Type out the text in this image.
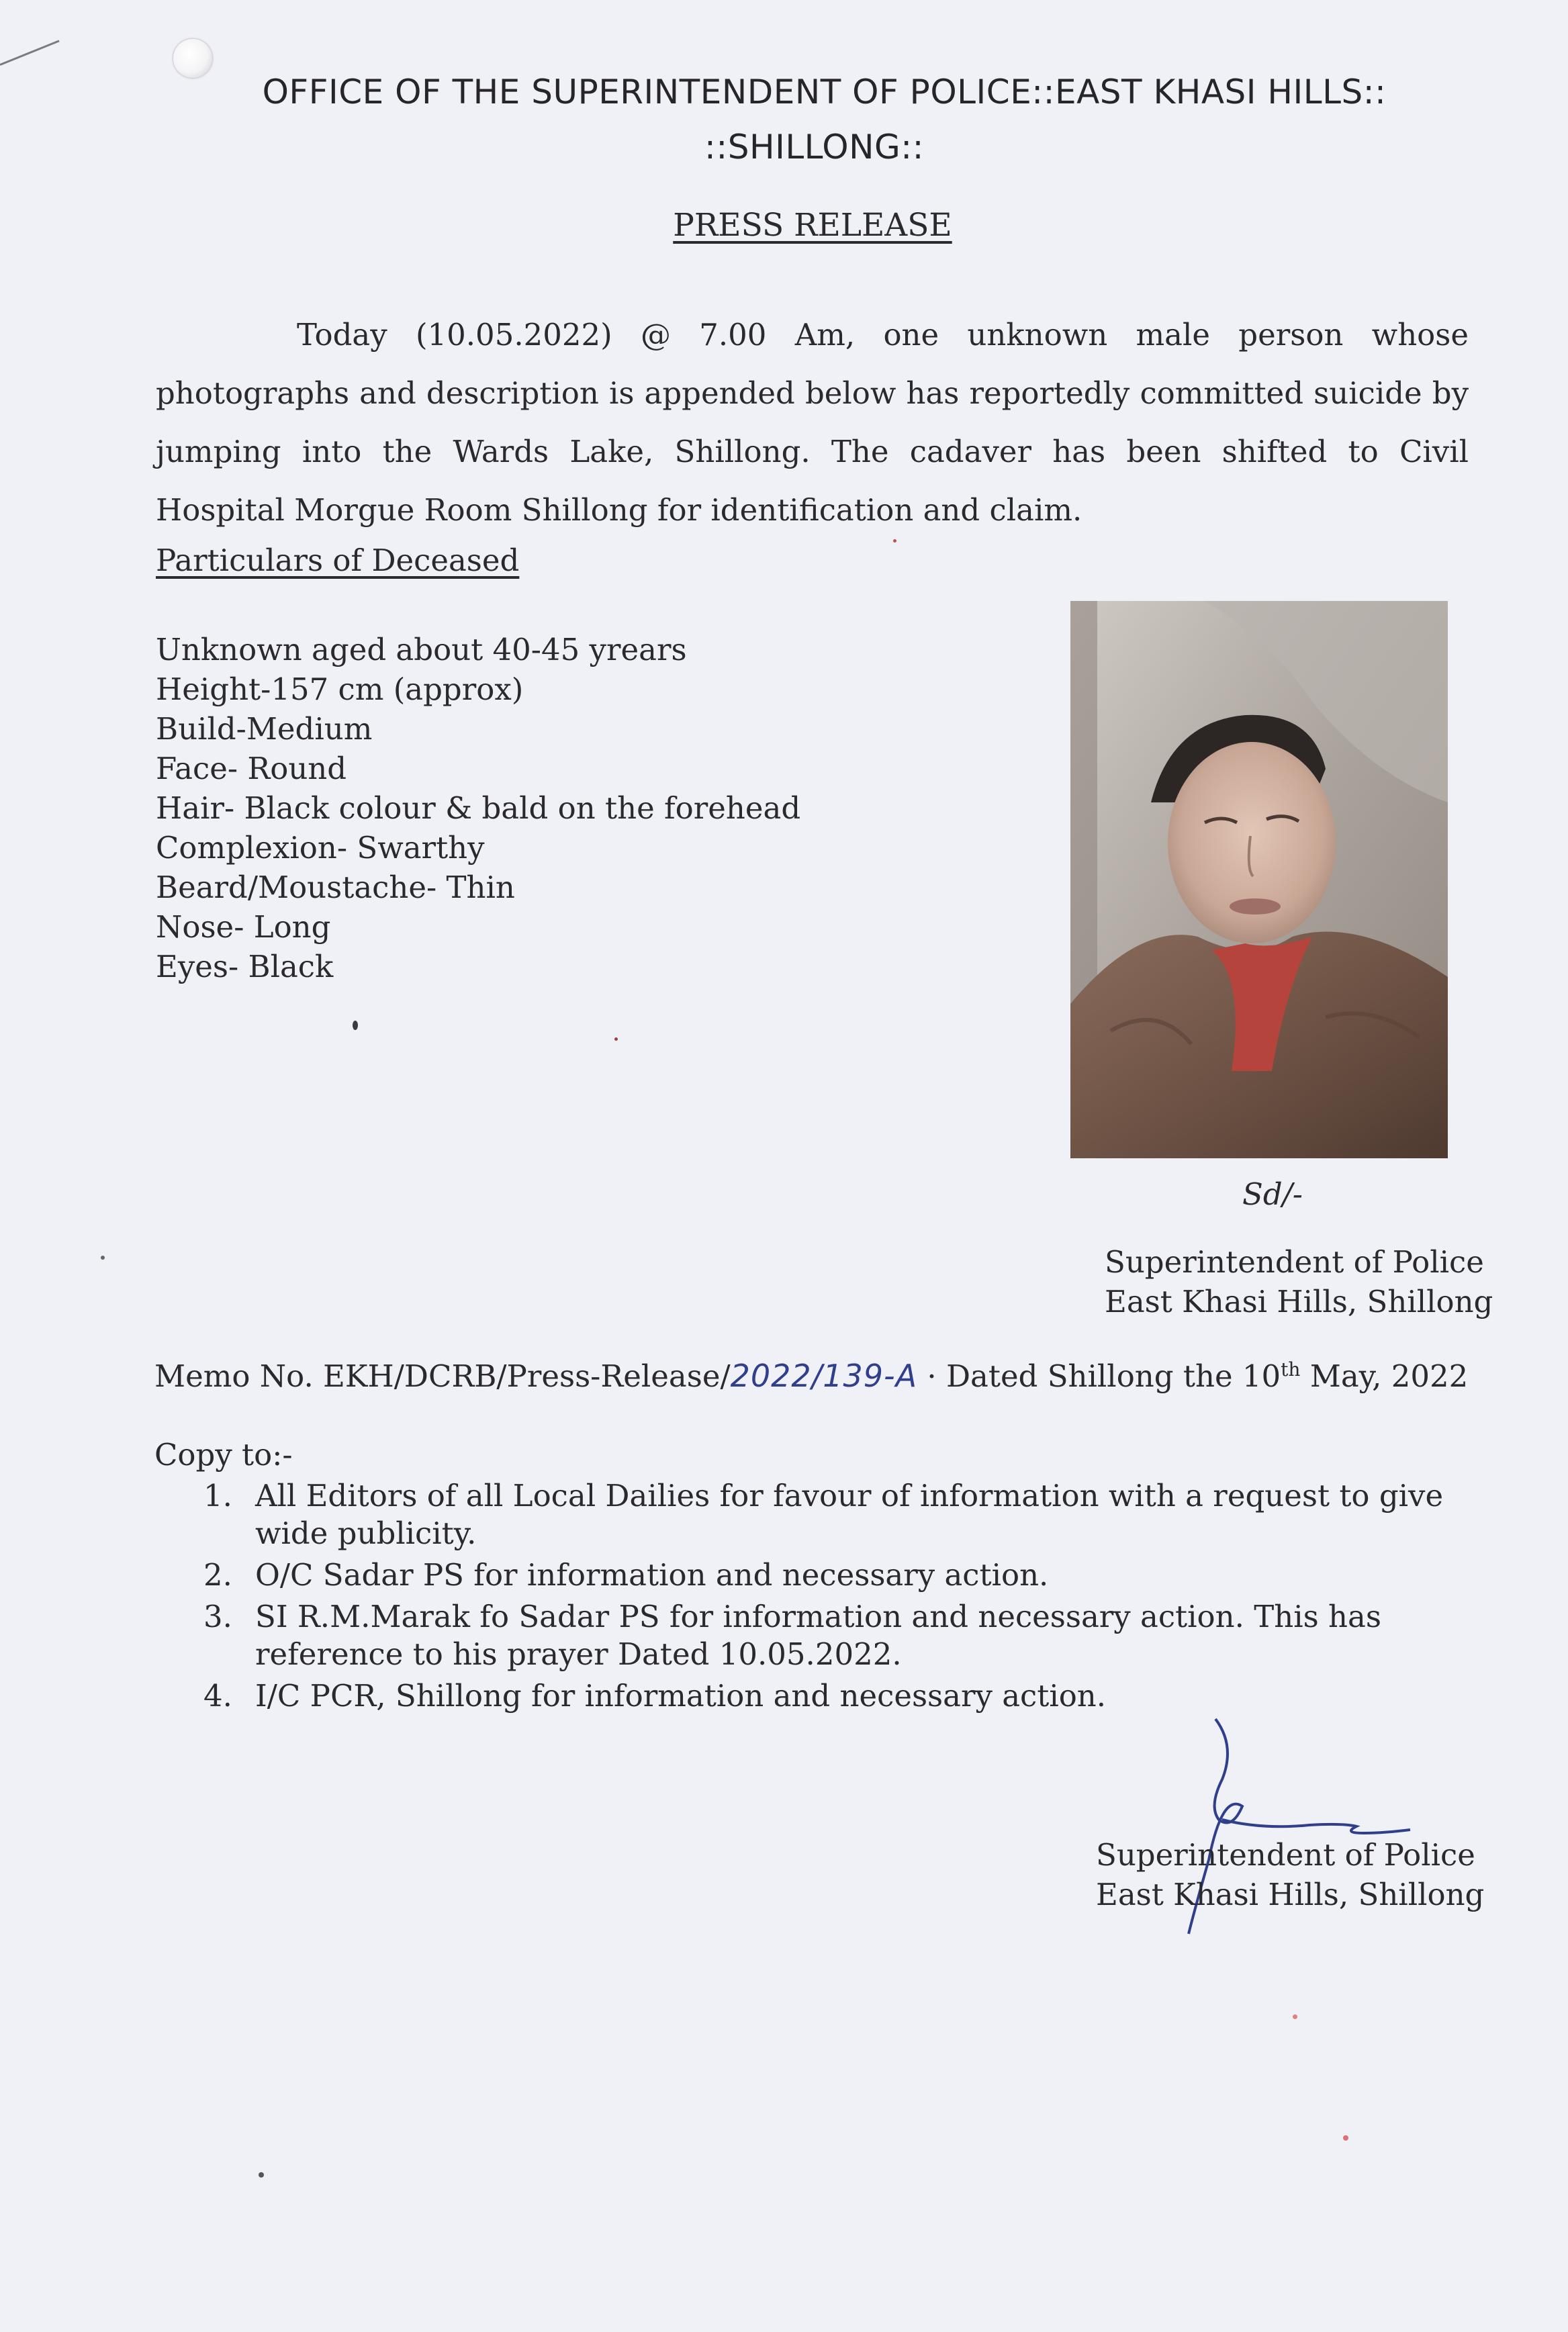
OFFICE OF THE SUPERINTENDENT OF POLICE::EAST KHASI HILLS::
::SHILLONG::
PRESS RELEASE

Today (10.05.2022) @ 7.00 Am, one unknown male person whose photographs and description is appended below has reportedly committed suicide by jumping into the Wards Lake, Shillong. The cadaver has been shifted to Civil Hospital Morgue Room Shillong for identification and claim.

Particulars of Deceased
Unknown aged about 40-45 yrears
Height-157 cm (approx)
Build-Medium
Face- Round
Hair- Black colour & bald on the forehead
Complexion- Swarthy
Beard/Moustache- Thin
Nose- Long
Eyes- Black
Sd/-
Superintendent of Police
East Khasi Hills, Shillong
Memo No. EKH/DCRB/Press-Release/2022/139-A · Dated Shillong the 10th May, 2022
Copy to:-
1. All Editors of all Local Dailies for favour of information with a request to give wide publicity.
2. O/C Sadar PS for information and necessary action.
3. SI R.M.Marak fo Sadar PS for information and necessary action. This has reference to his prayer Dated 10.05.2022.
4. I/C PCR, Shillong for information and necessary action.
Superintendent of Police
East Khasi Hills, Shillong
